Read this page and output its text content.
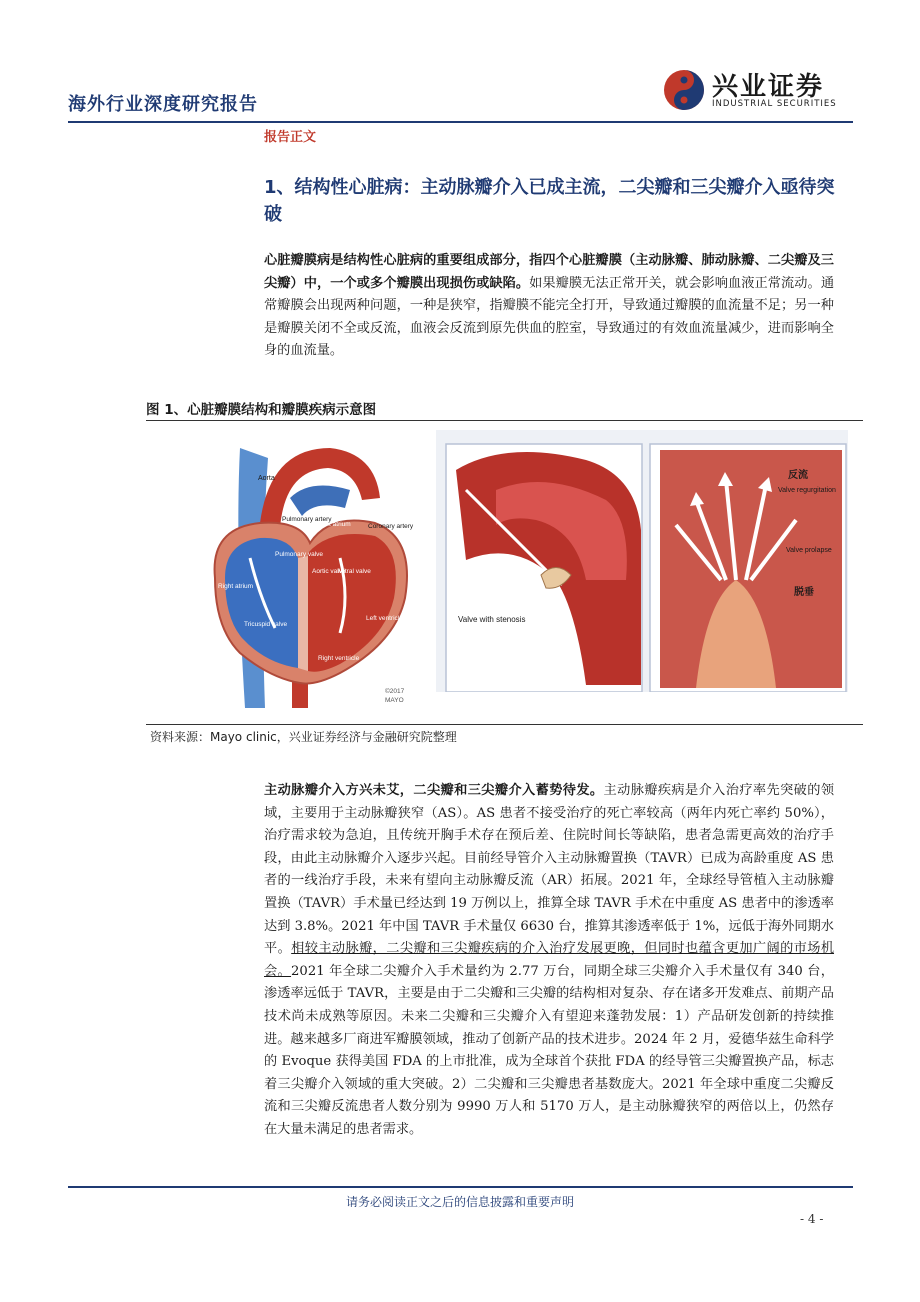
海外行业深度研究报告
兴业证券
INDUSTRIAL SECURITIES
报告正文
1、结构性心脏病：主动脉瓣介入已成主流，二尖瓣和三尖瓣介入亟待突破
心脏瓣膜病是结构性心脏病的重要组成部分，指四个心脏瓣膜（主动脉瓣、肺动脉瓣、二尖瓣及三尖瓣）中，一个或多个瓣膜出现损伤或缺陷。如果瓣膜无法正常开关，就会影响血液正常流动。通常瓣膜会出现两种问题，一种是狭窄，指瓣膜不能完全打开，导致通过瓣膜的血流量不足；另一种是瓣膜关闭不全或反流，血液会反流到原先供血的腔室，导致通过的有效血流量减少，进而影响全身的血流量。
图 1、心脏瓣膜结构和瓣膜疾病示意图
Aorta
Pulmonary artery
Left atrium	Coronary artery
Pulmonary valve
Aortic valve
Mitral valve
Right atrium
Tricuspid valve
Left ventricle
Right ventricle
©2017
MAYO
Valve with stenosis
狭窄
反流
Valve regurgitation
Valve prolapse
脱垂
资料来源：Mayo clinic，兴业证券经济与金融研究院整理
主动脉瓣介入方兴未艾，二尖瓣和三尖瓣介入蓄势待发。主动脉瓣疾病是介入治疗率先突破的领域，主要用于主动脉瓣狭窄（AS）。AS 患者不接受治疗的死亡率较高（两年内死亡率约 50%），治疗需求较为急迫，且传统开胸手术存在预后差、住院时间长等缺陷，患者急需更高效的治疗手段，由此主动脉瓣介入逐步兴起。目前经导管介入主动脉瓣置换（TAVR）已成为高龄重度 AS 患者的一线治疗手段，未来有望向主动脉瓣反流（AR）拓展。2021 年，全球经导管植入主动脉瓣置换（TAVR）手术量已经达到 19 万例以上，推算全球 TAVR 手术在中重度 AS 患者中的渗透率达到 3.8%。2021 年中国 TAVR 手术量仅 6630 台，推算其渗透率低于 1%，远低于海外同期水平。相较主动脉瓣，二尖瓣和三尖瓣疾病的介入治疗发展更晚，但同时也蕴含更加广阔的市场机会。2021 年全球二尖瓣介入手术量约为 2.77 万台，同期全球三尖瓣介入手术量仅有 340 台，渗透率远低于 TAVR，主要是由于二尖瓣和三尖瓣的结构相对复杂、存在诸多开发难点、前期产品技术尚未成熟等原因。未来二尖瓣和三尖瓣介入有望迎来蓬勃发展：1）产品研发创新的持续推进。越来越多厂商进军瓣膜领域，推动了创新产品的技术进步。2024 年 2 月，爱德华兹生命科学的 Evoque 获得美国 FDA 的上市批准，成为全球首个获批 FDA 的经导管三尖瓣置换产品，标志着三尖瓣介入领域的重大突破。2）二尖瓣和三尖瓣患者基数庞大。2021 年全球中重度二尖瓣反流和三尖瓣反流患者人数分别为 9990 万人和 5170 万人，是主动脉瓣狭窄的两倍以上，仍然存在大量未满足的患者需求。
请务必阅读正文之后的信息披露和重要声明
- 4 -
